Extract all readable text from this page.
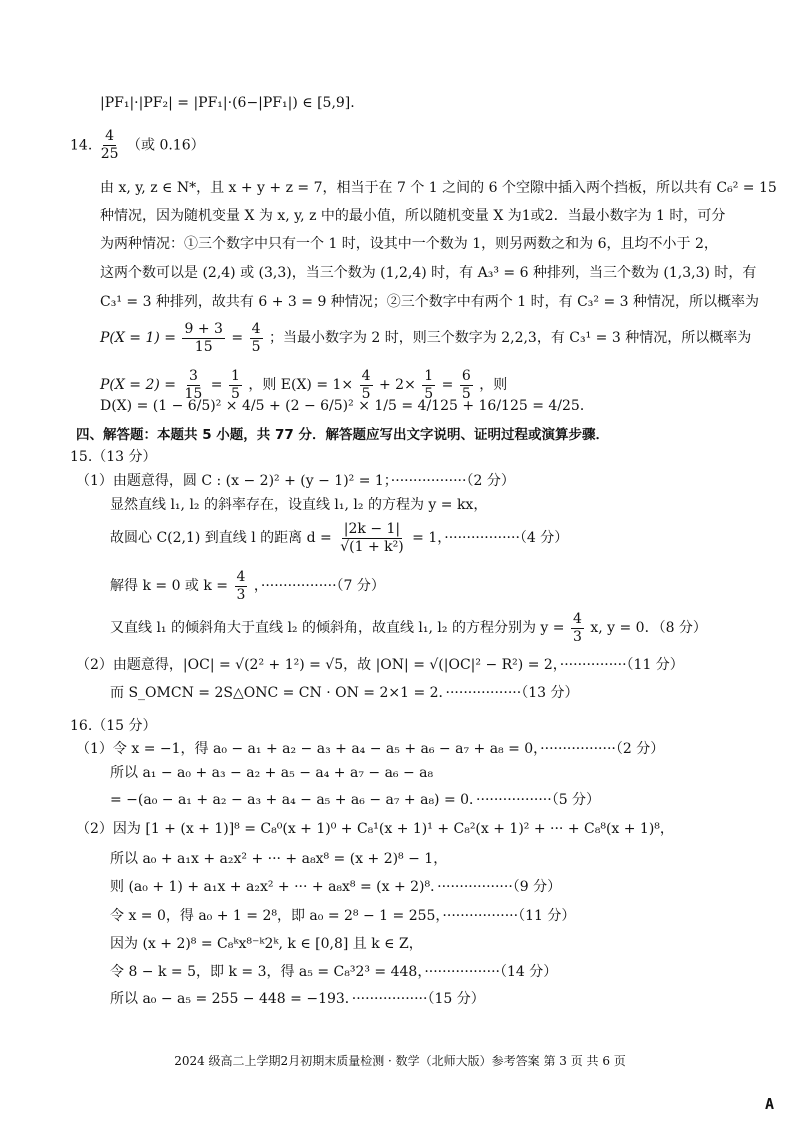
|PF₁|·|PF₂| = |PF₁|·(6−|PF₁|) ∈ [5,9].
14. $\frac{4}{25}$ （或 0.16）
由 x, y, z ∈ N*，且 x + y + z = 7，相当于在 7 个 1 之间的 6 个空隙中插入两个挡板，所以共有 C₆² = 15
种情况，因为随机变量 X 为 x, y, z 中的最小值，所以随机变量 X 为1或2．当最小数字为 1 时，可分
为两种情况：①三个数字中只有一个 1 时，设其中一个数为 1，则另两数之和为 6，且均不小于 2，
这两个数可以是 (2,4) 或 (3,3)，当三个数为 (1,2,4) 时，有 A₃³ = 6 种排列，当三个数为 (1,3,3) 时，有
C₃¹ = 3 种排列，故共有 6 + 3 = 9 种情况；②三个数字中有两个 1 时，有 C₃² = 3 种情况，所以概率为
$P(X = 1) = \frac{9 + 3}{15} = \frac{4}{5}$ ；当最小数字为 2 时，则三个数字为 2,2,3，有 C₃¹ = 3 种情况，所以概率为
$P(X = 2) = \frac{3}{15} = \frac{1}{5}$ ，则 $E(X) = 1\times \frac{4}{5} + 2\times \frac{1}{5} = \frac{6}{5}$ ，则
D(X) = (1 − 6/5)² × 4/5 + (2 − 6/5)² × 1/5 = 4/125 + 16/125 = 4/25．
四、解答题：本题共 5 小题，共 77 分．解答题应写出文字说明、证明过程或演算步骤．
15.（13 分）
（1）由题意得，圆 C : (x − 2)² + (y − 1)² = 1；·················（2 分）
显然直线 l₁, l₂ 的斜率存在，设直线 l₁, l₂ 的方程为 y = kx，
故圆心 C(2,1) 到直线 l 的距离 $d = \frac{|2k - 1|}{\text{√(1 + k²)}} = 1$，·················（4 分）
解得 k = 0 或 $k = \frac{4}{3}$ ，·················（7 分）
又直线 l₁ 的倾斜角大于直线 l₂ 的倾斜角，故直线 l₁, l₂ 的方程分别为 $y = \frac{4}{3} x$, y = 0．（8 分）
（2）由题意得，|OC| = √(2² + 1²) = √5，故 |ON| = √(|OC|² − R²) = 2，···············（11 分）
而 S_OMCN = 2S△ONC = CN · ON = 2×1 = 2．·················（13 分）
16.（15 分）
（1）令 x = −1，得 a₀ − a₁ + a₂ − a₃ + a₄ − a₅ + a₆ − a₇ + a₈ = 0，·················（2 分）
所以 a₁ − a₀ + a₃ − a₂ + a₅ − a₄ + a₇ − a₆ − a₈
= −(a₀ − a₁ + a₂ − a₃ + a₄ − a₅ + a₆ − a₇ + a₈) = 0．·················（5 分）
（2）因为 [1 + (x + 1)]⁸ = C₈⁰(x + 1)⁰ + C₈¹(x + 1)¹ + C₈²(x + 1)² + ··· + C₈⁸(x + 1)⁸，
所以 a₀ + a₁x + a₂x² + ··· + a₈x⁸ = (x + 2)⁸ − 1，
则 (a₀ + 1) + a₁x + a₂x² + ··· + a₈x⁸ = (x + 2)⁸．·················（9 分）
令 x = 0，得 a₀ + 1 = 2⁸，即 a₀ = 2⁸ − 1 = 255，·················（11 分）
因为 (x + 2)⁸ = C₈ᵏx⁸⁻ᵏ2ᵏ, k ∈ [0,8] 且 k ∈ Z，
令 8 − k = 5，即 k = 3，得 a₅ = C₈³2³ = 448，·················（14 分）
所以 a₀ − a₅ = 255 − 448 = −193．·················（15 分）
2024 级高二上学期2月初期末质量检测 · 数学（北师大版）参考答案 第 3 页 共 6 页
A
